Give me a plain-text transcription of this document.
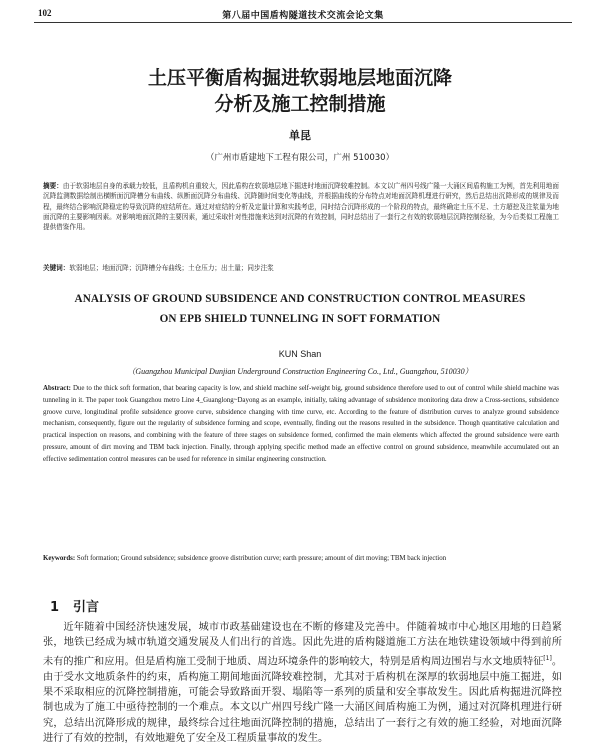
102	第八届中国盾构隧道技术交流会论文集
土压平衡盾构掘进软弱地层地面沉降
分析及施工控制措施
单昆
（广州市盾建地下工程有限公司，广州 510030）
摘要：由于软弱地层自身的承载力较低，且盾构机自重较大，因此盾构在软弱地层地下掘进时地面沉降较难控制。本文以广州四号线广隆一大涌区间盾构施工为例，首先利用地面沉降监测数据绘制出横断面沉降槽分布曲线、纵断面沉降分布曲线、沉降随时间变化等曲线，并根据曲线的分布特点对地面沉降机理进行研究，然后总结出沉降形成的规律及而程，最终结合影响沉降稳定的导致沉降的症结所在。通过对症结的分析及定量计算和实践考虑，同时结合沉降形成的一个阶段的特点，最终确定土压不足、土方超挖及注浆量为地面沉降的主要影响因素。对影响地面沉降的主要因素，通过采取针对性措施来达到对沉降的有效控制，同时总结出了一套行之有效的软弱地层沉降控制经验，为今后类似工程施工提供借鉴作用。
关键词：软弱地层；地面沉降；沉降槽分布曲线；土仓压力；出土量；同步注浆
ANALYSIS OF GROUND SUBSIDENCE AND CONSTRUCTION CONTROL MEASURES
ON EPB SHIELD TUNNELING IN SOFT FORMATION
KUN Shan
（Guangzhou Municipal Dunjian Underground Construction Engineering Co., Ltd., Guangzhou, 510030）
Abstract: Due to the thick soft formation, that bearing capacity is low, and shield machine self-weight big, ground subsidence therefore used to out of control while shield machine was tunneling in it. The paper took Guangzhou metro Line 4_Guanglong~Dayong as an example, initially, taking advantage of subsidence monitoring data drew a Cross-sections, subsidence groove curve, longitudinal profile subsidence groove curve, subsidence changing with time curve, etc. According to the feature of distribution curves to analyze ground subsidence mechanism, consequently, figure out the regularity of subsidence forming and scope, eventually, finding out the reasons resulted in the subsidence. Though quantitative calculation and practical inspection on reasons, and combining with the feature of three stages on subsidence formed, confirmed the main elements which affected the ground subsidence were earth pressure, amount of dirt moving and TBM back injection. Finally, through applying specific method made an effective control on ground subsidence, meanwhile accumulated out an effective sedimentation control measures can be used for reference in similar engineering construction.
Keywords: Soft formation; Ground subsidence; subsidence groove distribution curve; earth pressure; amount of dirt moving; TBM back injection
1 引言
近年随着中国经济快速发展，城市市政基础建设也在不断的修建及完善中。伴随着城市中心地区用地的日趋紧张，地铁已经成为城市轨道交通发展及人们出行的首选。因此先进的盾构隧道施工方法在地铁建设领域中得到前所未有的推广和应用。但是盾构施工受制于地质、周边环境条件的影响较大，特别是盾构周边围岩与水文地质特征[1]。由于受水文地质条件的约束，盾构施工期间地面沉降较难控制，尤其对于盾构机在深厚的软弱地层中施工掘进，如果不采取相应的沉降控制措施，可能会导致路面开裂、塌陷等一系列的质量和安全事故发生。因此盾构掘进沉降控制也成为了施工中亟待控制的一个难点。本文以广州四号线广隆一大涌区间盾构施工为例，通过对沉降机理进行研究，总结出沉降形成的规律，最终综合过往地面沉降控制的措施，总结出了一套行之有效的施工经验，对地面沉降进行了有效的控制，有效地避免了安全及工程质量事故的发生。
